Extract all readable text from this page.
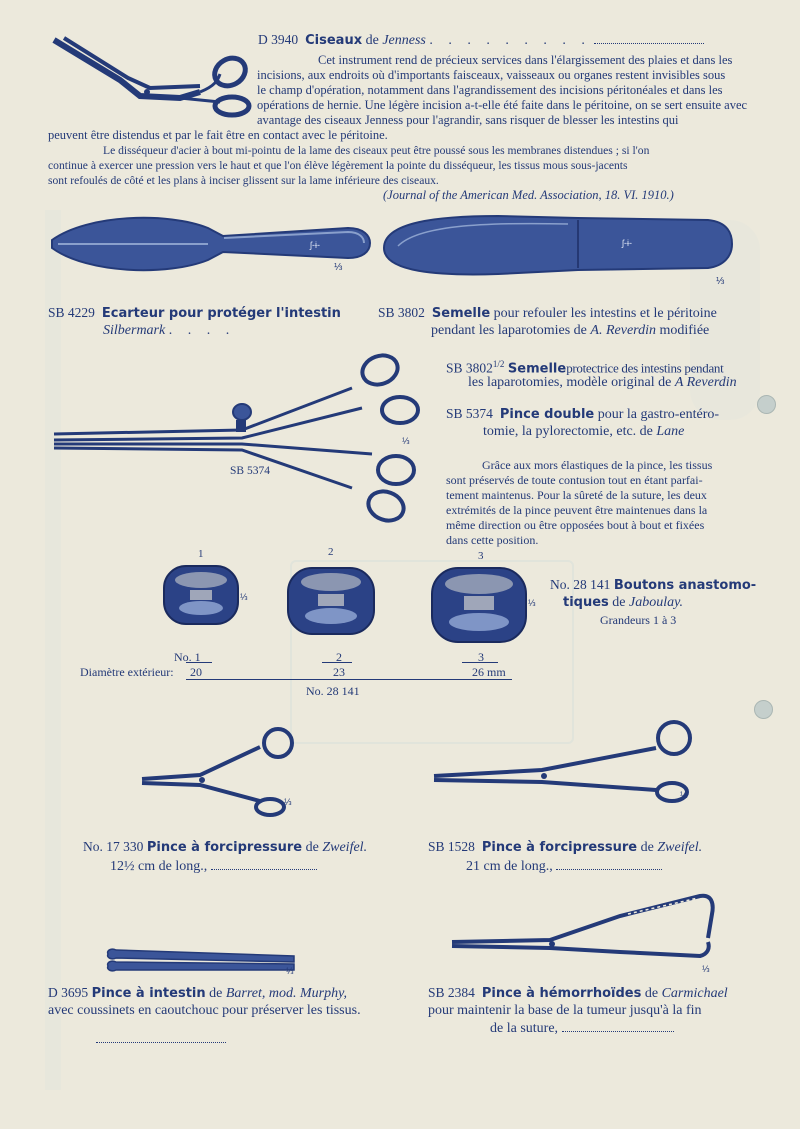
D 3940 Ciseaux de Jenness . . . . . . . . .
Cet instrument rend de précieux services dans l'élargissement des plaies et dans les
incisions, aux endroits où d'importants faisceaux, vaisseaux ou organes restent invisibles sous
le champ d'opération, notamment dans l'agrandissement des incisions péritonéales et dans les
opérations de hernie. Une légère incision a-t-elle été faite dans le péritoine, on se sert ensuite avec
avantage des ciseaux Jenness pour l'agrandir, sans risquer de blesser les intestins qui
peuvent être distendus et par le fait être en contact avec le péritoine.
Le disséqueur d'acier à bout mi-pointu de la lame des ciseaux peut être poussé sous les membranes distendues ; si l'on
continue à exercer une pression vers le haut et que l'on élève légèrement la pointe du disséqueur, les tissus mous sous-jacents
sont refoulés de côté et les plans à inciser glissent sur la lame inférieure des ciseaux.
(Journal of the American Med. Association, 18. VI. 1910.)
ʃ-ɨ-
⅓
ʃ-ɨ-
⅓
SB 4229 Ecarteur pour protéger l'intestin
Silbermark . . . .
SB 3802 Semelle pour refouler les intestins et le péritoine
pendant les laparotomies de A. Reverdin modifiée
SB $3802^{1/2}$ Semelleprotectrice des intestins pendant
les laparotomies, modèle original de A Reverdin
⅓
SB 5374
SB 5374 Pince double pour la gastro-entéro-
tomie, la pylorectomie, etc. de Lane
Grâce aux mors élastiques de la pince, les tissus
sont préservés de toute contusion tout en étant parfai-
tement maintenus. Pour la sûreté de la suture, les deux
extrémités de la pince peuvent être maintenues dans la
même direction ou être opposées bout à bout et fixées
dans cette position.
1	2	3
⅓
⅓
No. 28 141 Boutons anastomo-
tiques de Jaboulay.
Grandeurs 1 à 3
No. 1	2	3
Diamètre extérieur: 20	23	26 mm
No. 28 141
⅓
⅓
No. 17 330 Pince à forcipressure de Zweifel.
12½ cm de long.,
SB 1528 Pince à forcipressure de Zweifel.
21 cm de long.,
⅓	⅓
D 3695 Pince à intestin de Barret, mod. Murphy,
avec coussinets en caoutchouc pour préserver les tissus.
SB 2384 Pince à hémorrhoïdes de Carmichael
pour maintenir la base de la tumeur jusqu'à la fin
de la suture,
